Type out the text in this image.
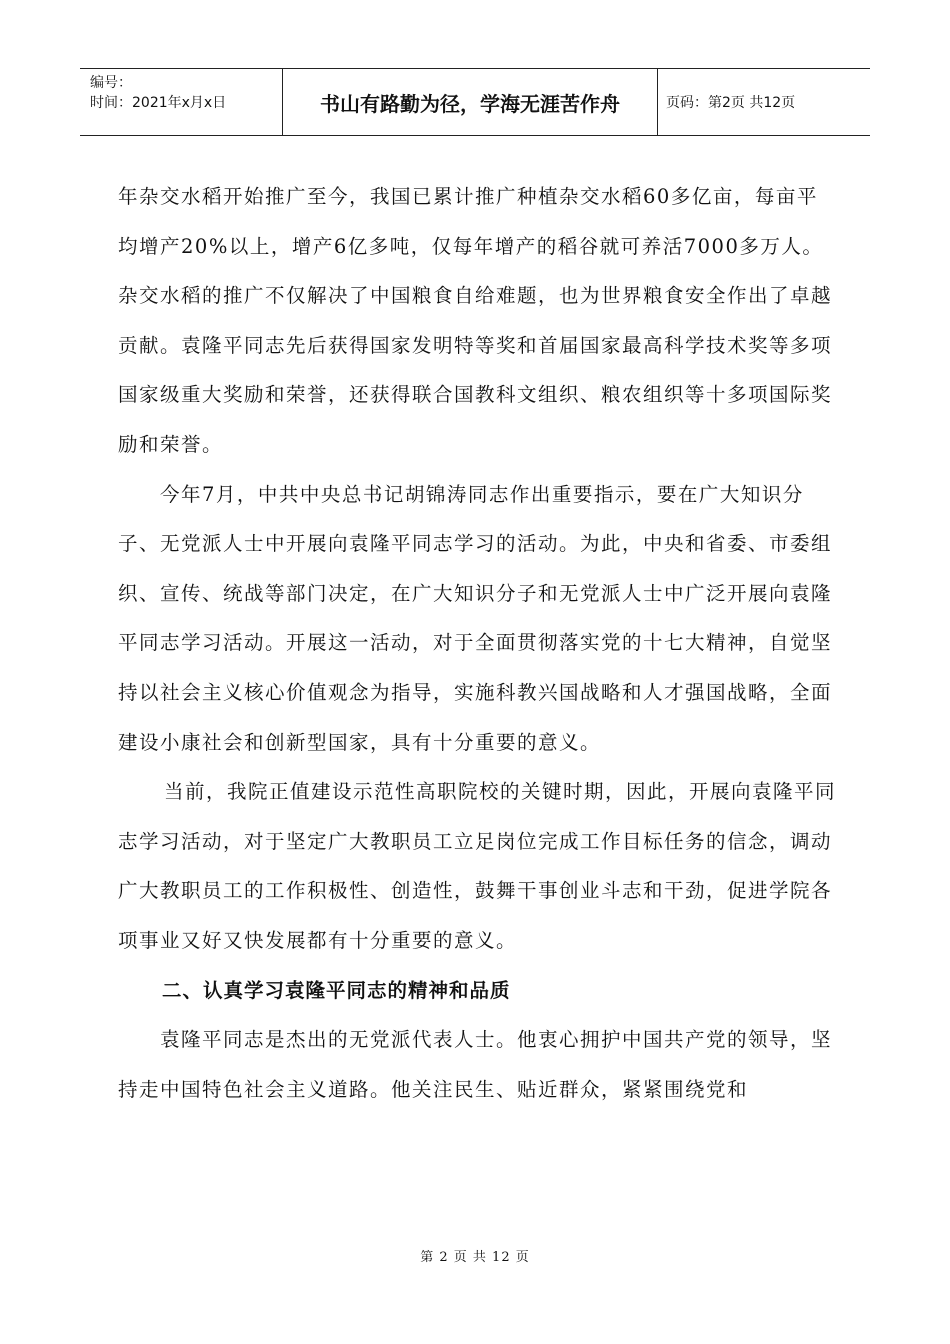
编号：
时间：2021年x月x日	书山有路勤为径，学海无涯苦作舟	页码：第2页 共12页

年杂交水稻开始推广至今，我国已累计推广种植杂交水稻60多亿亩，每亩平均增产20%以上，增产6亿多吨，仅每年增产的稻谷就可养活7000多万人。杂交水稻的推广不仅解决了中国粮食自给难题，也为世界粮食安全作出了卓越贡献。袁隆平同志先后获得国家发明特等奖和首届国家最高科学技术奖等多项国家级重大奖励和荣誉，还获得联合国教科文组织、粮农组织等十多项国际奖励和荣誉。

今年7月，中共中央总书记胡锦涛同志作出重要指示，要在广大知识分子、无党派人士中开展向袁隆平同志学习的活动。为此，中央和省委、市委组织、宣传、统战等部门决定，在广大知识分子和无党派人士中广泛开展向袁隆平同志学习活动。开展这一活动，对于全面贯彻落实党的十七大精神，自觉坚持以社会主义核心价值观念为指导，实施科教兴国战略和人才强国战略，全面建设小康社会和创新型国家，具有十分重要的意义。

当前，我院正值建设示范性高职院校的关键时期，因此，开展向袁隆平同志学习活动，对于坚定广大教职员工立足岗位完成工作目标任务的信念，调动广大教职员工的工作积极性、创造性，鼓舞干事创业斗志和干劲，促进学院各项事业又好又快发展都有十分重要的意义。

二、认真学习袁隆平同志的精神和品质

袁隆平同志是杰出的无党派代表人士。他衷心拥护中国共产党的领导，坚持走中国特色社会主义道路。他关注民生、贴近群众，紧紧围绕党和

第 2 页 共 12 页
